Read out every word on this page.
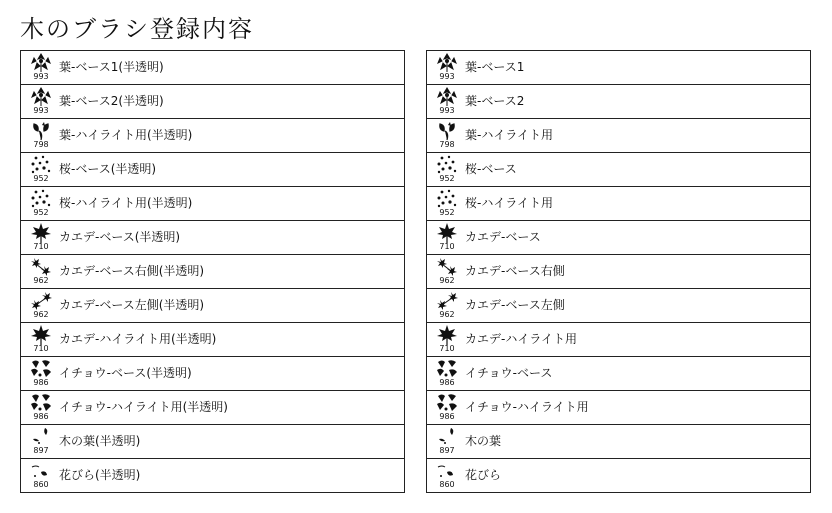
木のブラシ登録内容
993
葉-ベース1(半透明)
993
葉-ベース2(半透明)
798
葉-ハイライト用(半透明)
952
桜-ベース(半透明)
952
桜-ハイライト用(半透明)
710
カエデ-ベース(半透明)
962
カエデ-ベース右側(半透明)
962
カエデ-ベース左側(半透明)
710
カエデ-ハイライト用(半透明)
986
イチョウ-ベース(半透明)
986
イチョウ-ハイライト用(半透明)
897
木の葉(半透明)
860
花びら(半透明)
993
葉-ベース1
993
葉-ベース2
798
葉-ハイライト用
952
桜-ベース
952
桜-ハイライト用
710
カエデ-ベース
962
カエデ-ベース右側
962
カエデ-ベース左側
710
カエデ-ハイライト用
986
イチョウ-ベース
986
イチョウ-ハイライト用
897
木の葉
860
花びら
